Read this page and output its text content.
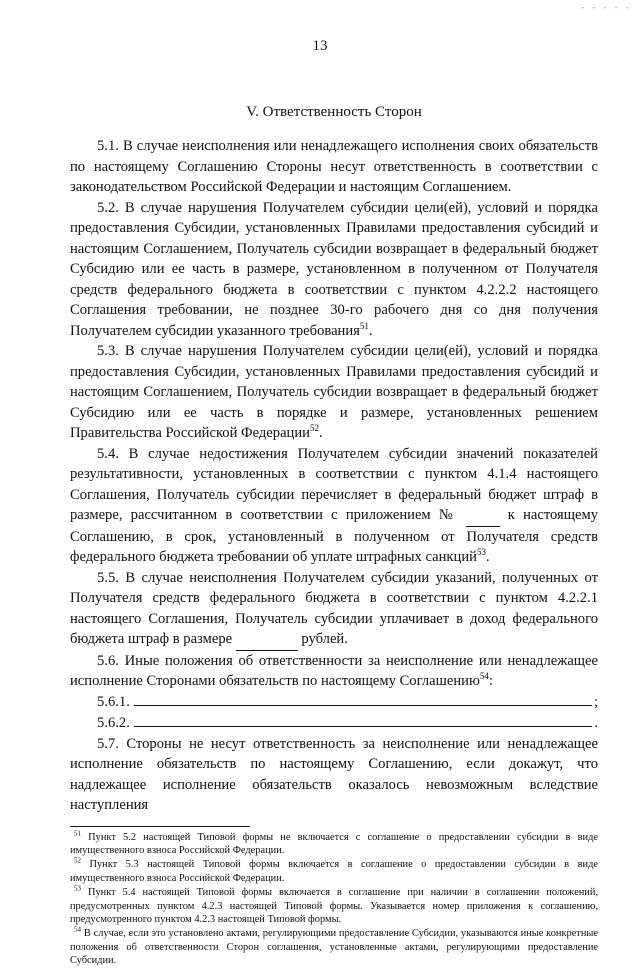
- - - - -
13
V. Ответственность Сторон

5.1. В случае неисполнения или ненадлежащего исполнения своих обязательств по настоящему Соглашению Стороны несут ответственность в соответствии с законодательством Российской Федерации и настоящим Соглашением.

5.2. В случае нарушения Получателем субсидии цели(ей), условий и порядка предоставления Субсидии, установленных Правилами предоставления субсидий и настоящим Соглашением, Получатель субсидии возвращает в федеральный бюджет Субсидию или ее часть в размере, установленном в полученном от Получателя средств федерального бюджета в соответствии с пунктом 4.2.2.2 настоящего Соглашения требовании, не позднее 30-го рабочего дня со дня получения Получателем субсидии указанного требования$^{51}$.

5.3. В случае нарушения Получателем субсидии цели(ей), условий и порядка предоставления Субсидии, установленных Правилами предоставления субсидий и настоящим Соглашением, Получатель субсидии возвращает в федеральный бюджет Субсидию или ее часть в порядке и размере, установленных решением Правительства Российской Федерации$^{52}$.

5.4. В случае недостижения Получателем субсидии значений показателей результативности, установленных в соответствии с пунктом 4.1.4 настоящего Соглашения, Получатель субсидии перечисляет в федеральный бюджет штраф в размере, рассчитанном в соответствии с приложением №	к настоящему Соглашению, в срок, установленный в полученном от Получателя средств федерального бюджета требовании об уплате штрафных санкций$^{53}$.

5.5. В случае неисполнения Получателем субсидии указаний, полученных от Получателя средств федерального бюджета в соответствии с пунктом 4.2.2.1 настоящего Соглашения, Получатель субсидии уплачивает в доход федерального бюджета штраф в размере	рублей.

5.6. Иные положения об ответственности за неисполнение или ненадлежащее исполнение Сторонами обязательств по настоящему Соглашению$^{54}$:

5.6.1.	;
5.6.2.	.

5.7. Стороны не несут ответственность за неисполнение или ненадлежащее исполнение обязательств по настоящему Соглашению, если докажут, что надлежащее исполнение обязательств оказалось невозможным вследствие наступления

$^{51}$ Пункт 5.2 настоящей Типовой формы не включается с соглашение о предоставлении субсидии в виде имущественного взноса Российской Федерации.

$^{52}$ Пункт 5.3 настоящей Типовой формы включается в соглашение о предоставлении субсидии в виде имущественного взноса Российской Федерации.

$^{53}$ Пункт 5.4 настоящей Типовой формы включается в соглашение при наличии в соглашении положений, предусмотренных пунктом 4.2.3 настоящей Типовой формы. Указывается номер приложения к соглашению, предусмотренного пунктом 4.2.3 настоящей Типовой формы.

$^{54}$ В случае, если это установлено актами, регулирующими предоставление Субсидии, указываются иные конкретные положения об ответственности Сторон соглашения, установленные актами, регулирующими предоставление Субсидии.
